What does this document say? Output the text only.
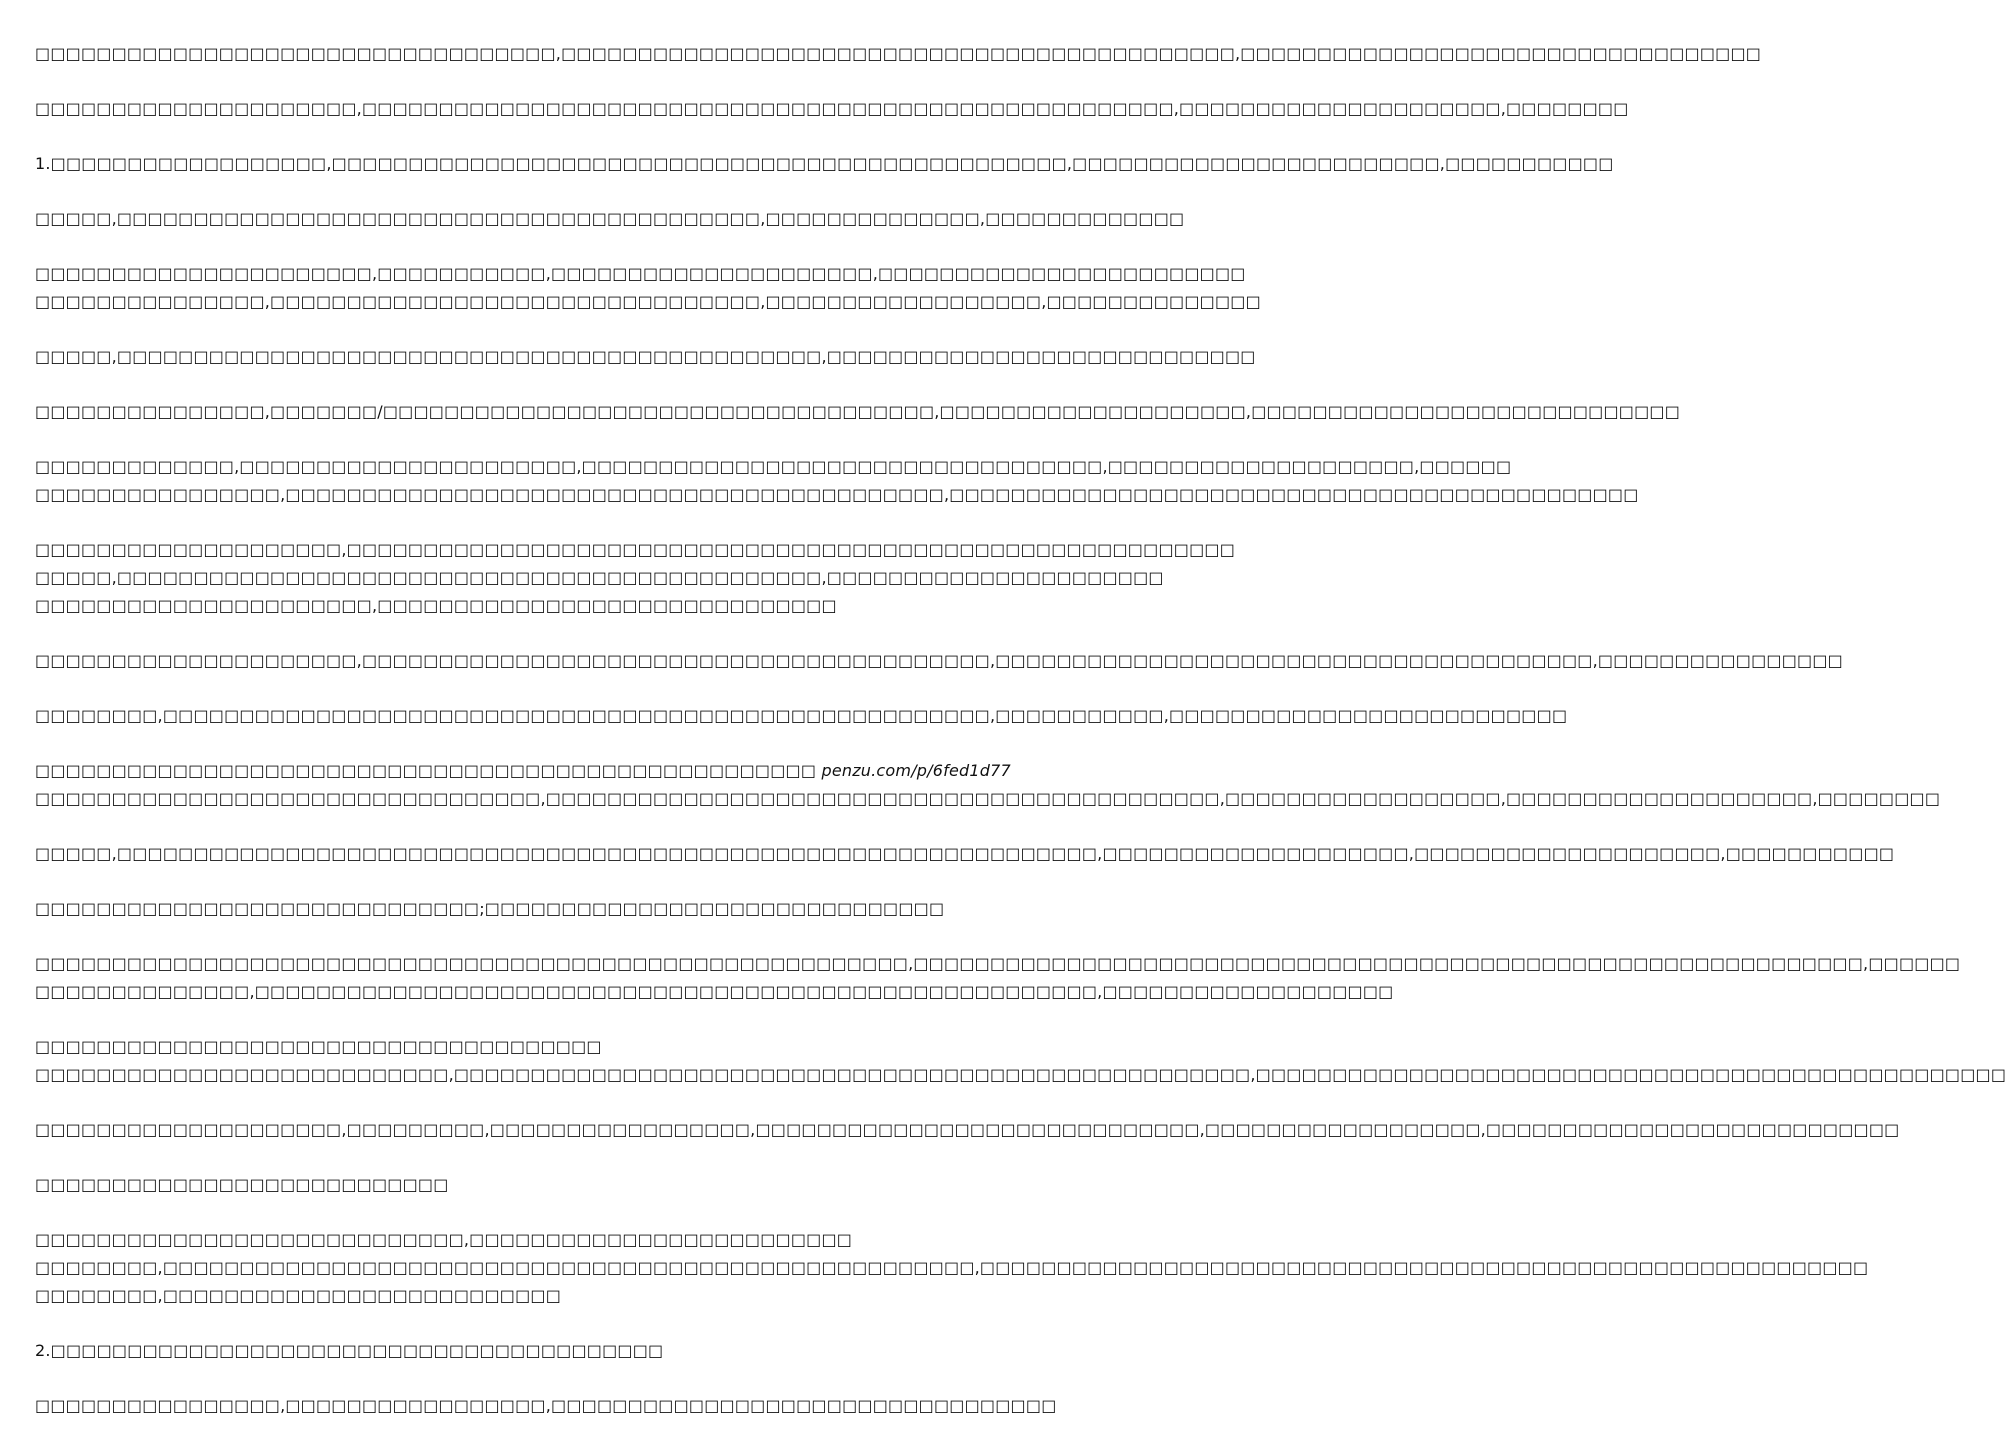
□□□□□□□□□□□□□□□□□□□□□□□□□□□□□□□□□□,□□□□□□□□□□□□□□□□□□□□□□□□□□□□□□□□□□□□□□□□□□□□,□□□□□□□□□□□□□□□□□□□□□□□□□□□□□□□□□□
□□□□□□□□□□□□□□□□□□□□□,□□□□□□□□□□□□□□□□□□□□□□□□□□□□□□□□□□□□□□□□□□□□□□□□□□□□□,□□□□□□□□□□□□□□□□□□□□□,□□□□□□□□
1.□□□□□□□□□□□□□□□□□□,□□□□□□□□□□□□□□□□□□□□□□□□□□□□□□□□□□□□□□□□□□□□□□□□,□□□□□□□□□□□□□□□□□□□□□□□□,□□□□□□□□□□□
□□□□□,□□□□□□□□□□□□□□□□□□□□□□□□□□□□□□□□□□□□□□□□□□,□□□□□□□□□□□□□□,□□□□□□□□□□□□□
□□□□□□□□□□□□□□□□□□□□□□,□□□□□□□□□□□,□□□□□□□□□□□□□□□□□□□□□,□□□□□□□□□□□□□□□□□□□□□□□□
□□□□□□□□□□□□□□□,□□□□□□□□□□□□□□□□□□□□□□□□□□□□□□□□,□□□□□□□□□□□□□□□□□□,□□□□□□□□□□□□□□
□□□□□,□□□□□□□□□□□□□□□□□□□□□□□□□□□□□□□□□□□□□□□□□□□□□□,□□□□□□□□□□□□□□□□□□□□□□□□□□□□
□□□□□□□□□□□□□□□,□□□□□□□/□□□□□□□□□□□□□□□□□□□□□□□□□□□□□□□□□□□□,□□□□□□□□□□□□□□□□□□□□,□□□□□□□□□□□□□□□□□□□□□□□□□□□□
□□□□□□□□□□□□□,□□□□□□□□□□□□□□□□□□□□□□,□□□□□□□□□□□□□□□□□□□□□□□□□□□□□□□□□□,□□□□□□□□□□□□□□□□□□□□,□□□□□□
□□□□□□□□□□□□□□□□,□□□□□□□□□□□□□□□□□□□□□□□□□□□□□□□□□□□□□□□□□□□,□□□□□□□□□□□□□□□□□□□□□□□□□□□□□□□□□□□□□□□□□□□□□
□□□□□□□□□□□□□□□□□□□□,□□□□□□□□□□□□□□□□□□□□□□□□□□□□□□□□□□□□□□□□□□□□□□□□□□□□□□□□□□
□□□□□,□□□□□□□□□□□□□□□□□□□□□□□□□□□□□□□□□□□□□□□□□□□□□□,□□□□□□□□□□□□□□□□□□□□□□
□□□□□□□□□□□□□□□□□□□□□□,□□□□□□□□□□□□□□□□□□□□□□□□□□□□□□
□□□□□□□□□□□□□□□□□□□□□,□□□□□□□□□□□□□□□□□□□□□□□□□□□□□□□□□□□□□□□□□,□□□□□□□□□□□□□□□□□□□□□□□□□□□□□□□□□□□□□□□,□□□□□□□□□□□□□□□□
□□□□□□□□,□□□□□□□□□□□□□□□□□□□□□□□□□□□□□□□□□□□□□□□□□□□□□□□□□□□□□□,□□□□□□□□□□□,□□□□□□□□□□□□□□□□□□□□□□□□□□
□□□□□□□□□□□□□□□□□□□□□□□□□□□□□□□□□□□□□□□□□□□□□□□□□□□ penzu.com/p/6fed1d77
□□□□□□□□□□□□□□□□□□□□□□□□□□□□□□□□□,□□□□□□□□□□□□□□□□□□□□□□□□□□□□□□□□□□□□□□□□□□□□,□□□□□□□□□□□□□□□□□□,□□□□□□□□□□□□□□□□□□□□,□□□□□□□□
□□□□□,□□□□□□□□□□□□□□□□□□□□□□□□□□□□□□□□□□□□□□□□□□□□□□□□□□□□□□□□□□□□□□□□,□□□□□□□□□□□□□□□□□□□□,□□□□□□□□□□□□□□□□□□□□,□□□□□□□□□□□
□□□□□□□□□□□□□□□□□□□□□□□□□□□□□;□□□□□□□□□□□□□□□□□□□□□□□□□□□□□□
□□□□□□□□□□□□□□□□□□□□□□□□□□□□□□□□□□□□□□□□□□□□□□□□□□□□□□□□□,□□□□□□□□□□□□□□□□□□□□□□□□□□□□□□□□□□□□□□□□□□□□□□□□□□□□□□□□□□□□□□,□□□□□□
□□□□□□□□□□□□□□,□□□□□□□□□□□□□□□□□□□□□□□□□□□□□□□□□□□□□□□□□□□□□□□□□□□□□□□,□□□□□□□□□□□□□□□□□□□
□□□□□□□□□□□□□□□□□□□□□□□□□□□□□□□□□□□□□
□□□□□□□□□□□□□□□□□□□□□□□□□□□,□□□□□□□□□□□□□□□□□□□□□□□□□□□□□□□□□□□□□□□□□□□□□□□□□□□□,□□□□□□□□□□□□□□□□□□□□□□□□□□□□□□□□□□□□□□□□□□□□□□□□□
□□□□□□□□□□□□□□□□□□□□,□□□□□□□□□,□□□□□□□□□□□□□□□□□,□□□□□□□□□□□□□□□□□□□□□□□□□□□□□,□□□□□□□□□□□□□□□□□□,□□□□□□□□□□□□□□□□□□□□□□□□□□□
□□□□□□□□□□□□□□□□□□□□□□□□□□□
□□□□□□□□□□□□□□□□□□□□□□□□□□□□,□□□□□□□□□□□□□□□□□□□□□□□□□
□□□□□□□□,□□□□□□□□□□□□□□□□□□□□□□□□□□□□□□□□□□□□□□□□□□□□□□□□□□□□□,□□□□□□□□□□□□□□□□□□□□□□□□□□□□□□□□□□□□□□□□□□□□□□□□□□□□□□□□□□
□□□□□□□□,□□□□□□□□□□□□□□□□□□□□□□□□□□
2.□□□□□□□□□□□□□□□□□□□□□□□□□□□□□□□□□□□□□□□□
□□□□□□□□□□□□□□□□,□□□□□□□□□□□□□□□□□,□□□□□□□□□□□□□□□□□□□□□□□□□□□□□□□□□
